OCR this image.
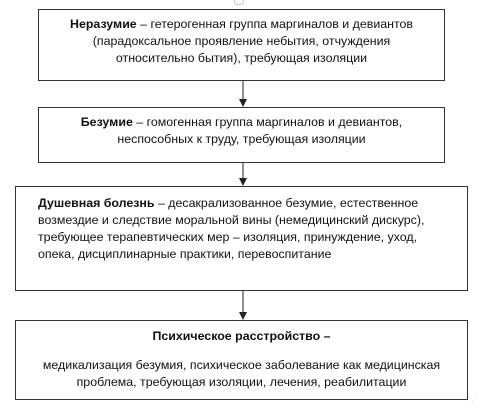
Неразумие – гетерогенная группа маргиналов и девиантов
(парадоксальное проявление небытия, отчуждения
относительно бытия), требующая изоляции
Безумие – гомогенная группа маргиналов и девиантов,
неспособных к труду, требующая изоляции
Душевная болезнь – десакрализованное безумие, естественное
возмездие и следствие моральной вины (немедицинский дискурс),
требующее терапевтических мер – изоляция, принуждение, уход,
опека, дисциплинарные практики, перевоспитание
Психическое расстройство –
медикализация безумия, психическое заболевание как медицинская
проблема, требующая изоляции, лечения, реабилитации
⋰
